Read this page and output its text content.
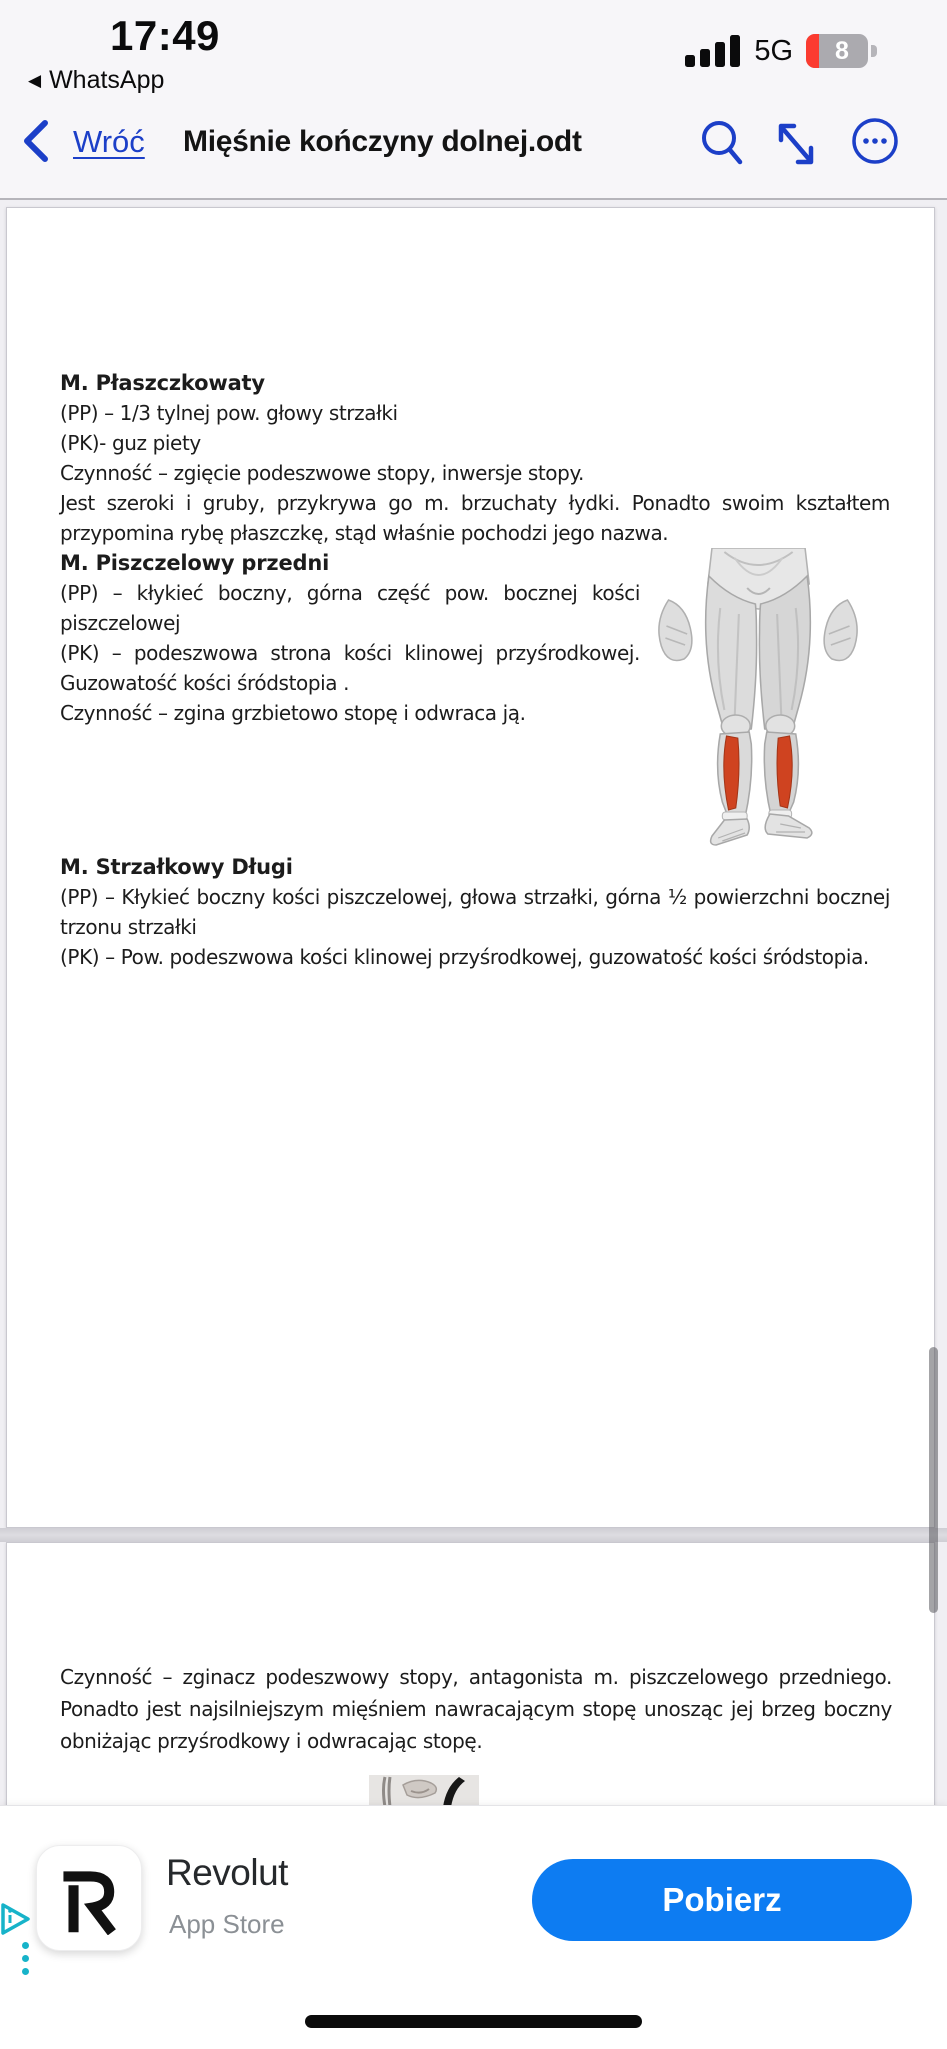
17:49
◀ WhatsApp
5G	8
Wróć Mięśnie kończyny dolnej.odt

M. Płaszczkowaty

(PP) – 1/3 tylnej pow. głowy strzałki

(PK)- guz piety

Czynność – zgięcie podeszwowe stopy, inwersje stopy.

Jest szeroki i gruby, przykrywa go m. brzuchaty łydki. Ponadto swoim kształtem przypomina rybę płaszczkę, stąd właśnie pochodzi jego nazwa.

M. Piszczelowy przedni

(PP) – kłykieć boczny, górna część pow. bocznej kości piszczelowej

(PK) – podeszwowa strona kości klinowej przyśrodkowej. Guzowatość kości śródstopia .

Czynność – zgina grzbietowo stopę i odwraca ją.

M. Strzałkowy Długi

(PP) – Kłykieć boczny kości piszczelowej, głowa strzałki, górna ½ powierzchni bocznej trzonu strzałki

(PK) – Pow. podeszwowa kości klinowej przyśrodkowej, guzowatość kości śródstopia.

Czynność – zginacz podeszwowy stopy, antagonista m. piszczelowego przedniego. Ponadto jest najsilniejszym mięśniem nawracającym stopę unosząc jej brzeg boczny obniżając przyśrodkowy i odwracając stopę.

Revolut
App Store
Pobierz
